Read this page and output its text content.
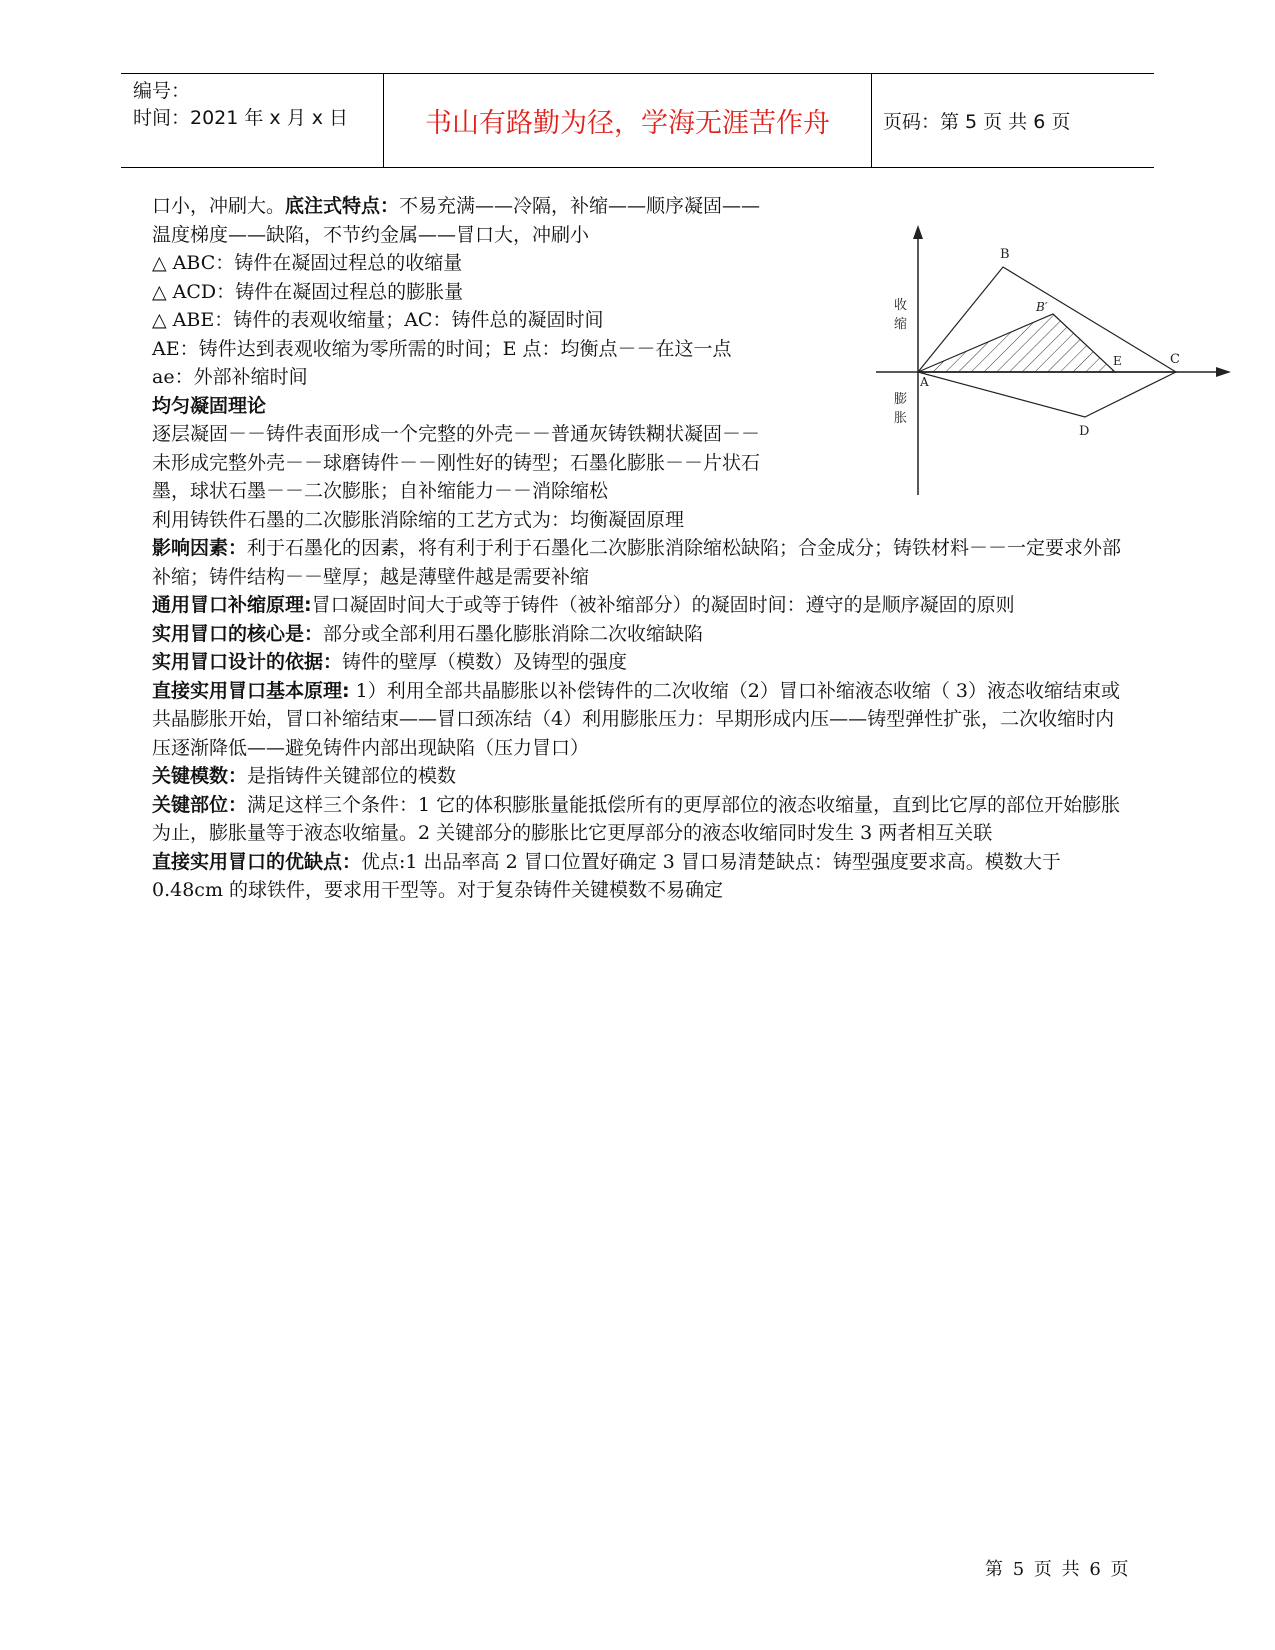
编号：
时间：2021 年 x 月 x 日	书山有路勤为径，学海无涯苦作舟	页码：第 5 页 共 6 页

口小，冲刷大。底注式特点：不易充满——冷隔，补缩——顺序凝固——

温度梯度——缺陷，不节约金属——冒口大，冲刷小

△ ABC：铸件在凝固过程总的收缩量

△ ACD：铸件在凝固过程总的膨胀量

△ ABE：铸件的表观收缩量；AC：铸件总的凝固时间

AE：铸件达到表观收缩为零所需的时间；E 点：均衡点－－在这一点

ae：外部补缩时间

均匀凝固理论

逐层凝固－－铸件表面形成一个完整的外壳－－普通灰铸铁糊状凝固－－

未形成完整外壳－－球磨铸件－－刚性好的铸型；石墨化膨胀－－片状石

墨，球状石墨－－二次膨胀；自补缩能力－－消除缩松

利用铸铁件石墨的二次膨胀消除缩的工艺方式为：均衡凝固原理

影响因素：利于石墨化的因素，将有利于利于石墨化二次膨胀消除缩松缺陷；合金成分；铸铁材料－－一定要求外部补缩；铸件结构－－壁厚；越是薄壁件越是需要补缩

通用冒口补缩原理:冒口凝固时间大于或等于铸件（被补缩部分）的凝固时间：遵守的是顺序凝固的原则

实用冒口的核心是：部分或全部利用石墨化膨胀消除二次收缩缺陷

实用冒口设计的依据：铸件的壁厚（模数）及铸型的强度

直接实用冒口基本原理: 1）利用全部共晶膨胀以补偿铸件的二次收缩（2）冒口补缩液态收缩（ 3）液态收缩结束或共晶膨胀开始，冒口补缩结束——冒口颈冻结（4）利用膨胀压力：早期形成内压——铸型弹性扩张，二次收缩时内压逐渐降低——避免铸件内部出现缺陷（压力冒口）

关键模数：是指铸件关键部位的模数

关键部位：满足这样三个条件：1 它的体积膨胀量能抵偿所有的更厚部位的液态收缩量，直到比它厚的部位开始膨胀为止，膨胀量等于液态收缩量。2 关键部分的膨胀比它更厚部分的液态收缩同时发生 3 两者相互关联

直接实用冒口的优缺点：优点:1 出品率高 2 冒口位置好确定 3 冒口易清楚缺点：铸型强度要求高。模数大于 0.48cm 的球铁件，要求用干型等。对于复杂铸件关键模数不易确定

B
B′
A
E	C
D
收缩
膨胀
第 5 页 共 6 页
